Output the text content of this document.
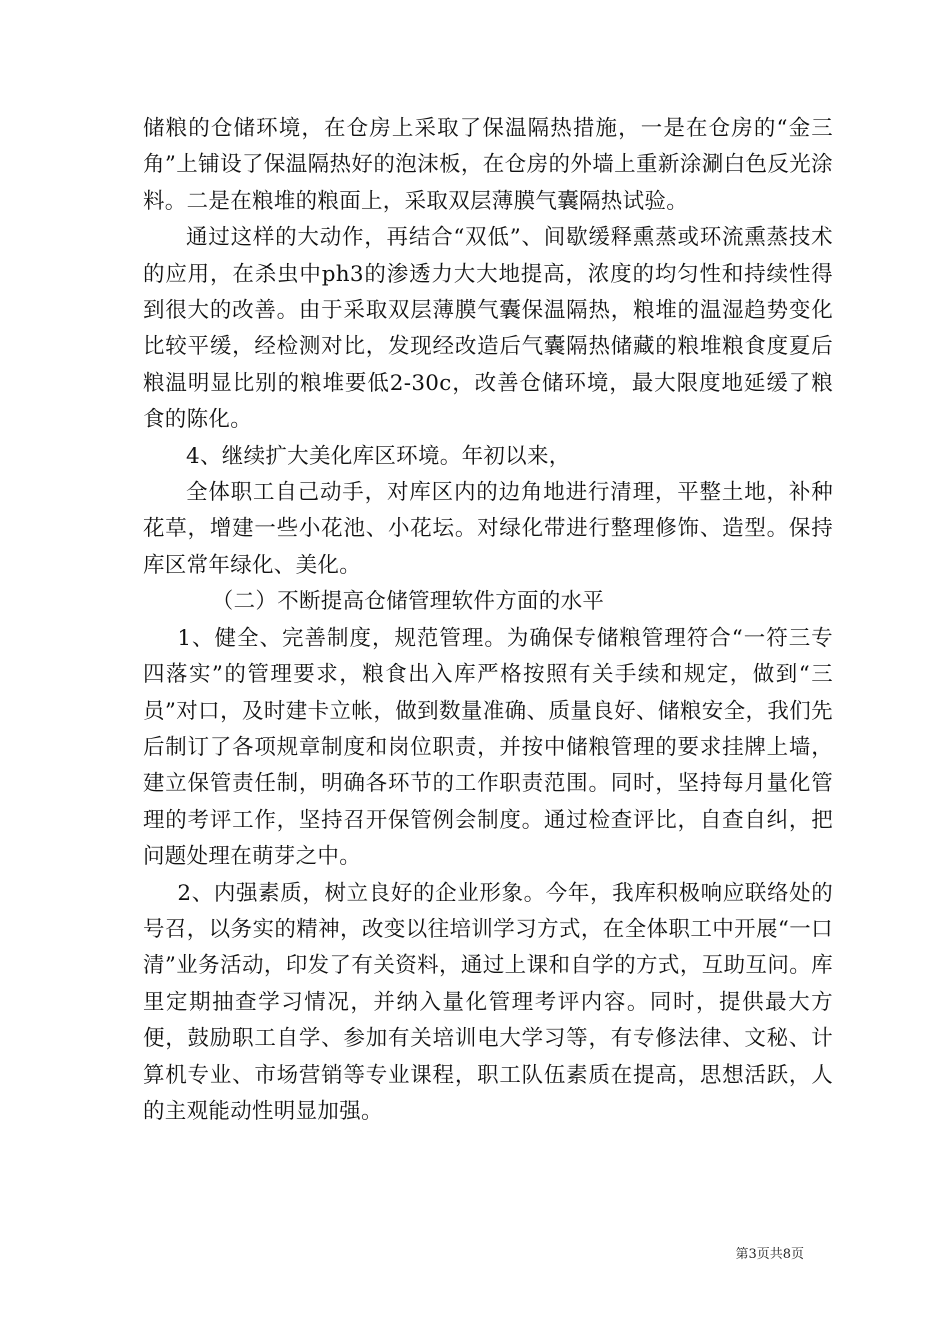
储粮的仓储环境，在仓房上采取了保温隔热措施，一是在仓房的“金三角”上铺设了保温隔热好的泡沫板，在仓房的外墙上重新涂涮白色反光涂料。二是在粮堆的粮面上，采取双层薄膜气囊隔热试验。

通过这样的大动作，再结合“双低”、间歇缓释熏蒸或环流熏蒸技术的应用，在杀虫中ph3的渗透力大大地提高，浓度的均匀性和持续性得到很大的改善。由于采取双层薄膜气囊保温隔热，粮堆的温湿趋势变化比较平缓，经检测对比，发现经改造后气囊隔热储藏的粮堆粮食度夏后粮温明显比别的粮堆要低2-30c，改善仓储环境，最大限度地延缓了粮食的陈化。

4、继续扩大美化库区环境。年初以来，

全体职工自己动手，对库区内的边角地进行清理，平整土地，补种花草，增建一些小花池、小花坛。对绿化带进行整理修饰、造型。保持库区常年绿化、美化。

（二）不断提高仓储管理软件方面的水平

1、健全、完善制度，规范管理。为确保专储粮管理符合“一符三专四落实”的管理要求，粮食出入库严格按照有关手续和规定，做到“三员”对口，及时建卡立帐，做到数量准确、质量良好、储粮安全，我们先后制订了各项规章制度和岗位职责，并按中储粮管理的要求挂牌上墙，建立保管责任制，明确各环节的工作职责范围。同时，坚持每月量化管理的考评工作，坚持召开保管例会制度。通过检查评比，自查自纠，把问题处理在萌芽之中。

2、内强素质，树立良好的企业形象。今年，我库积极响应联络处的号召，以务实的精神，改变以往培训学习方式，在全体职工中开展“一口清”业务活动，印发了有关资料，通过上课和自学的方式，互助互问。库里定期抽查学习情况，并纳入量化管理考评内容。同时，提供最大方便，鼓励职工自学、参加有关培训电大学习等，有专修法律、文秘、计算机专业、市场营销等专业课程，职工队伍素质在提高，思想活跃，人的主观能动性明显加强。

第3页共8页
